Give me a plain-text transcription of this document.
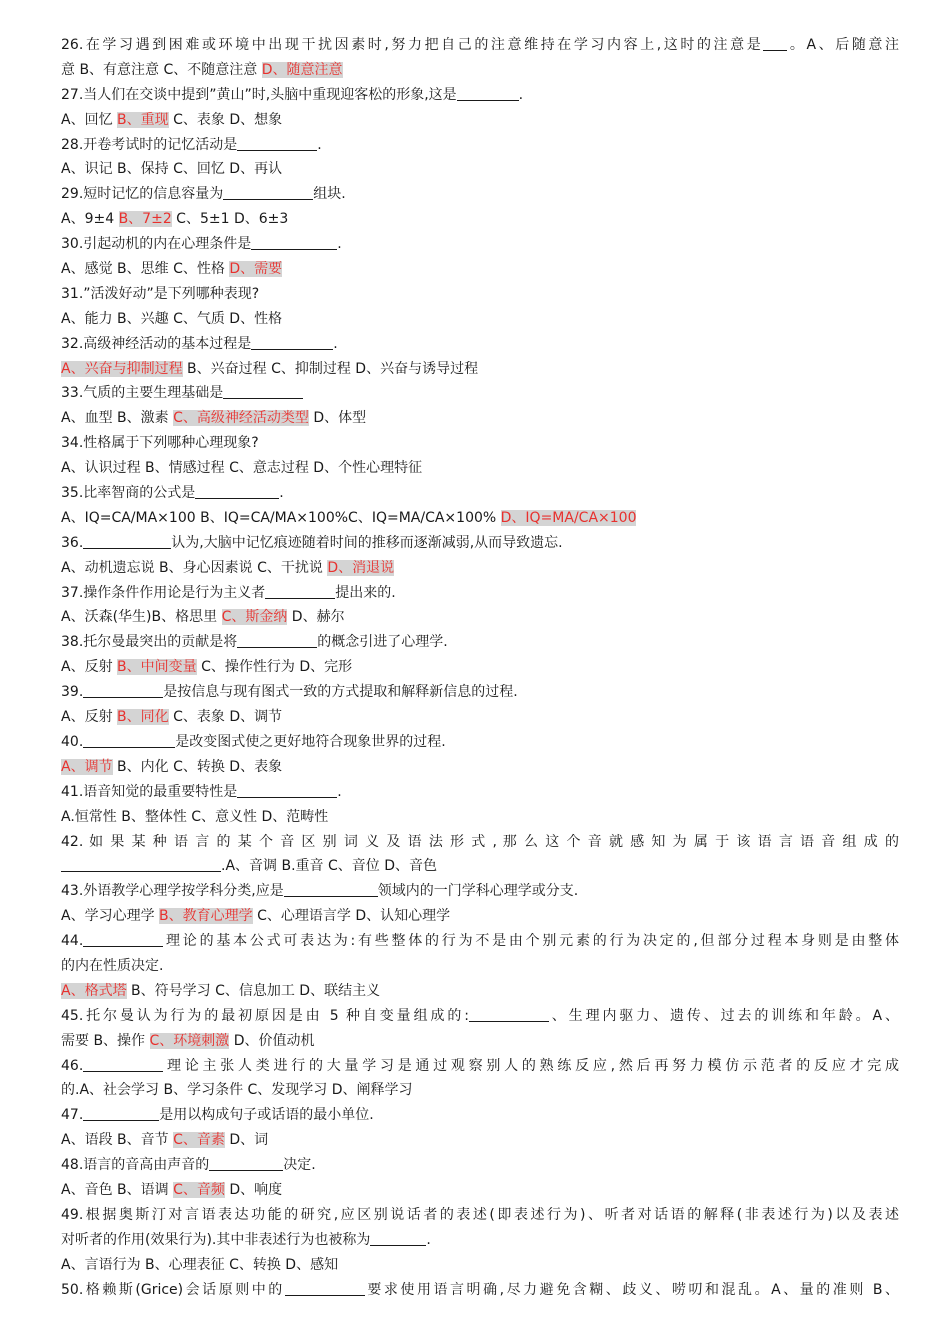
26.在学习遇到困难或环境中出现干扰因素时,努力把自己的注意维持在学习内容上,这时的注意是 。A、后随意注
意 B、有意注意 C、不随意注意 D、随意注意
27.当人们在交谈中提到”黄山”时,头脑中重现迎客松的形象,这是	.
A、回忆 B、重现 C、表象 D、想象
28.开卷考试时的记忆活动是	.
A、识记 B、保持 C、回忆 D、再认
29.短时记忆的信息容量为	组块.
A、9±4 B、7±2 C、5±1 D、6±3
30.引起动机的内在心理条件是	.
A、感觉 B、思维 C、性格 D、需要
31.”活泼好动”是下列哪种表现?
A、能力 B、兴趣 C、气质 D、性格
32.高级神经活动的基本过程是	.
A、兴奋与抑制过程 B、兴奋过程 C、抑制过程 D、兴奋与诱导过程
33.气质的主要生理基础是
A、血型 B、激素 C、高级神经活动类型 D、体型
34.性格属于下列哪种心理现象?
A、认识过程 B、情感过程 C、意志过程 D、个性心理特征
35.比率智商的公式是	.
A、IQ=CA/MA×100 B、IQ=CA/MA×100%C、IQ=MA/CA×100% D、IQ=MA/CA×100
36.	认为,大脑中记忆痕迹随着时间的推移而逐渐减弱,从而导致遗忘.
A、动机遗忘说 B、身心因素说 C、干扰说 D、消退说
37.操作条件作用论是行为主义者	提出来的.
A、沃森(华生)B、格思里 C、斯金纳 D、赫尔
38.托尔曼最突出的贡献是将	的概念引进了心理学.
A、反射 B、中间变量 C、操作性行为 D、完形
39.	是按信息与现有图式一致的方式提取和解释新信息的过程.
A、反射 B、同化 C、表象 D、调节
40.	是改变图式使之更好地符合现象世界的过程.
A、调节 B、内化 C、转换 D、表象
41.语音知觉的最重要特性是	.
A.恒常性 B、整体性 C、意义性 D、范畴性
42. 如 果 某 种 语 言 的 某 个 音 区 别 词 义 及 语 法 形 式 , 那 么 这 个 音 就 感 知 为 属 于 该 语 言 语 音 组 成 的
.A、音调 B.重音 C、音位 D、音色
43.外语教学心理学按学科分类,应是	领域内的一门学科心理学或分支.
A、学习心理学 B、教育心理学 C、心理语言学 D、认知心理学
44.	理论的基本公式可表达为:有些整体的行为不是由个别元素的行为决定的,但部分过程本身则是由整体
的内在性质决定.
A、格式塔 B、符号学习 C、信息加工 D、联结主义
45.托尔曼认为行为的最初原因是由 5 种自变量组成的:	、生理内驱力、遗传、过去的训练和年龄。A、
需要 B、操作 C、环境刺激 D、价值动机
46.	理论主张人类进行的大量学习是通过观察别人的熟练反应,然后再努力模仿示范者的反应才完成
的.A、社会学习 B、学习条件 C、发现学习 D、阐释学习
47.	是用以构成句子或话语的最小单位.
A、语段 B、音节 C、音素 D、词
48.语言的音高由声音的	决定.
A、音色 B、语调 C、音频 D、响度
49.根据奥斯汀对言语表达功能的研究,应区别说话者的表述(即表述行为)、听者对话语的解释(非表述行为)以及表述
对听者的作用(效果行为).其中非表述行为也被称为	.
A、言语行为 B、心理表征 C、转换 D、感知
50.格赖斯(Grice)会话原则中的	要求使用语言明确,尽力避免含糊、歧义、唠叨和混乱。A、量的准则 B、
